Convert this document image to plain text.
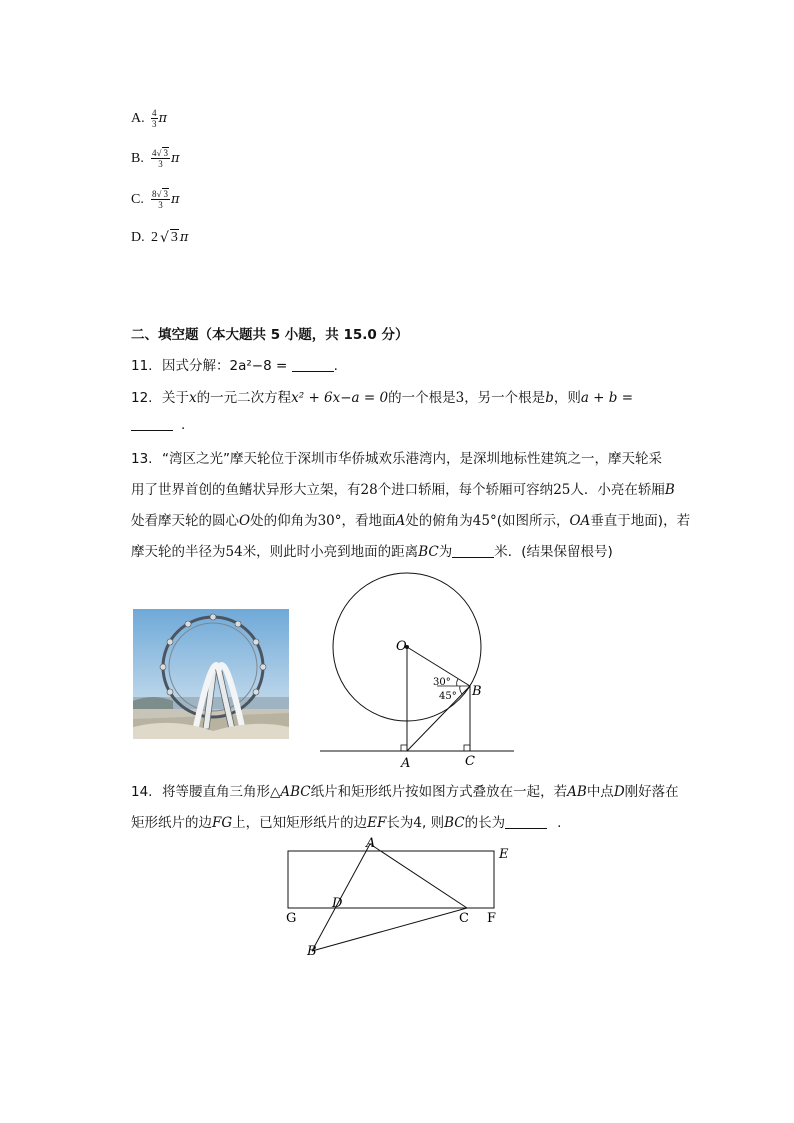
A. $\frac{4}{3}$ π
B. $\frac{4√ 3}{3}$ π
C. $\frac{8√ 3}{3}$ π
D. 2 √ 3 π
二、填空题（本大题共 5 小题，共 15.0 分）
11. 因式分解：2a²−8 =	.
12. 关于x的一元二次方程x² + 6x−a = 0的一个根是3，另一个根是b，则a + b =
.
13. “湾区之光”摩天轮位于深圳市华侨城欢乐港湾内，是深圳地标性建筑之一，摩天轮采
用了世界首创的鱼鳍状异形大立架，有28个进口轿厢，每个轿厢可容纳25人．小亮在轿厢B
处看摩天轮的圆心O处的仰角为30°，看地面A处的俯角为45°(如图所示，OA垂直于地面)，若
摩天轮的半径为54米，则此时小亮到地面的距离BC为	米．(结果保留根号)
O
B
A	C
30°
45°
14. 将等腰直角三角形△ABC纸片和矩形纸片按如图方式叠放在一起，若AB中点D刚好落在
矩形纸片的边FG上，已知矩形纸片的边EF长为4, 则BC的长为	.
A
E
G
D
C F
B
